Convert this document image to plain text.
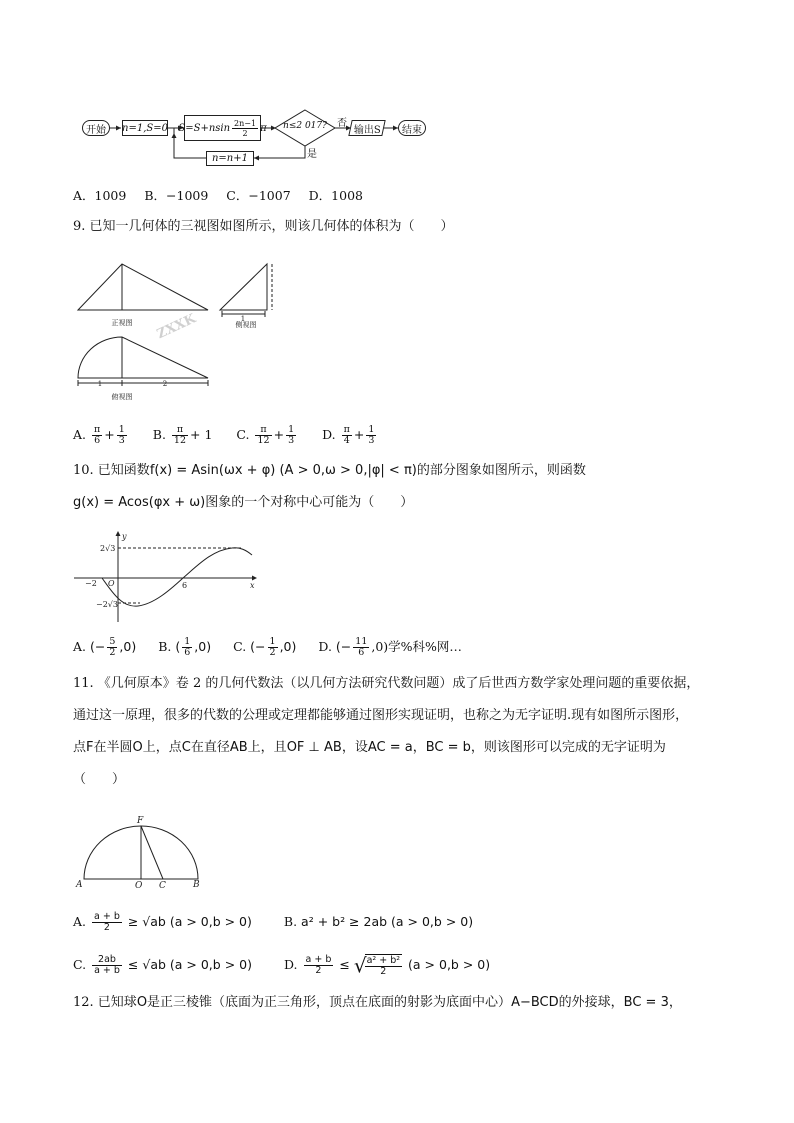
开始 n=1,S=0 $S=S+nsin \frac{2n-1}{2}$ π	n≤2 017?	否
是
输出S 结束
n=n+1
A．1009 B．−1009 C．−1007 D．1008
9. 已知一几何体的三视图如图所示，则该几何体的体积为（　　）
正视图	侧视图
俯视图
1
1	2
ZXXK
A. $\frac{\pi}{6} + \frac{1}{3} B$. $\frac{\pi}{12} + 1$ C. $\frac{\pi}{12} + \frac{1}{3} D$. $\frac{\pi}{4} + \frac{1}{3}$
10. 已知函数f(x) = Asin(ωx + φ) (A > 0,ω > 0,|φ| < π)的部分图象如图所示，则函数
g(x) = Acos(φx + ω)图象的一个对称中心可能为（　　）
y
x
O
2√3
−2√3
−2	6
A. (− $\frac{5}{2} ,0$) B. ( $\frac{1}{6} ,0$) C. (− $\frac{1}{2} ,0$) D. (− $\frac{11}{6} ,0$)学%科%网…
11. 《几何原本》卷 2 的几何代数法（以几何方法研究代数问题）成了后世西方数学家处理问题的重要依据，
通过这一原理，很多的代数的公理或定理都能够通过图形实现证明，也称之为无字证明.现有如图所示图形，
点F在半圆O上，点C在直径AB上，且OF ⊥ AB，设AC = a，BC = b，则该图形可以完成的无字证明为
（　　）
A	O C	B
F
A. $\frac{a + b}{2} \ge √ab$ (a > 0,b > 0)	B. a² + b² ≥ 2ab (a > 0,b > 0)
C. $\frac{2ab}{a + b} \le √ab$ (a > 0,b > 0)	D. $\frac{a + b}{2}$ ≤ √
$\frac{\text{a² + b²}}{2} (a > 0,b > 0)$
12. 已知球O是正三棱锥（底面为正三角形，顶点在底面的射影为底面中心）A−BCD的外接球，BC = 3，
